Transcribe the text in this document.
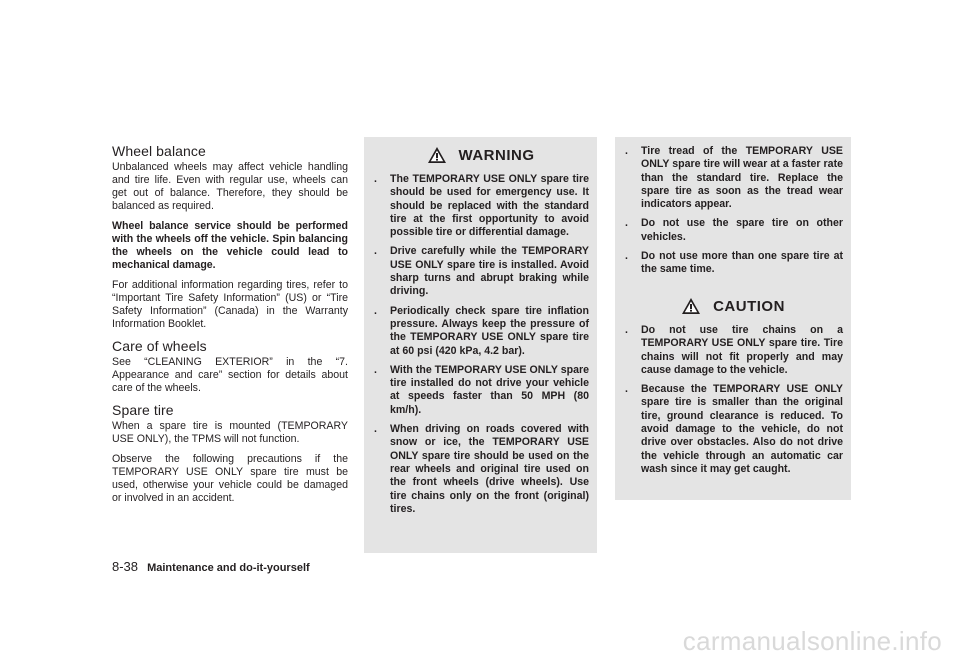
Wheel balance

Unbalanced wheels may affect vehicle handling and tire life. Even with regular use, wheels can get out of balance. Therefore, they should be balanced as required.

Wheel balance service should be performed with the wheels off the vehicle. Spin balancing the wheels on the vehicle could lead to mechanical damage.

For additional information regarding tires, refer to “Important Tire Safety Information” (US) or “Tire Safety Information” (Canada) in the Warranty Information Booklet.

Care of wheels

See “CLEANING EXTERIOR” in the “7. Appearance and care” section for details about care of the wheels.

Spare tire

When a spare tire is mounted (TEMPORARY USE ONLY), the TPMS will not function.

Observe the following precautions if the TEMPORARY USE ONLY spare tire must be used, otherwise your vehicle could be damaged or involved in an accident.

WARNING
. The TEMPORARY USE ONLY spare tire should be used for emergency use. It should be replaced with the standard tire at the first opportunity to avoid possible tire or differential damage.
. Drive carefully while the TEMPORARY USE ONLY spare tire is installed. Avoid sharp turns and abrupt braking while driving.
. Periodically check spare tire inflation pressure. Always keep the pressure of the TEMPORARY USE ONLY spare tire at 60 psi (420 kPa, 4.2 bar).
. With the TEMPORARY USE ONLY spare tire installed do not drive your vehicle at speeds faster than 50 MPH (80 km/h).
. When driving on roads covered with snow or ice, the TEMPORARY USE ONLY spare tire should be used on the rear wheels and original tire used on the front wheels (drive wheels). Use tire chains only on the front (original) tires.
. Tire tread of the TEMPORARY USE ONLY spare tire will wear at a faster rate than the standard tire. Replace the spare tire as soon as the tread wear indicators appear.
. Do not use the spare tire on other vehicles.
. Do not use more than one spare tire at the same time.
CAUTION
. Do not use tire chains on a TEMPORARY USE ONLY spare tire. Tire chains will not fit properly and may cause damage to the vehicle.
. Because the TEMPORARY USE ONLY spare tire is smaller than the original tire, ground clearance is reduced. To avoid damage to the vehicle, do not drive over obstacles. Also do not drive the vehicle through an automatic car wash since it may get caught.
8-38 Maintenance and do-it-yourself
carmanualsonline.info
